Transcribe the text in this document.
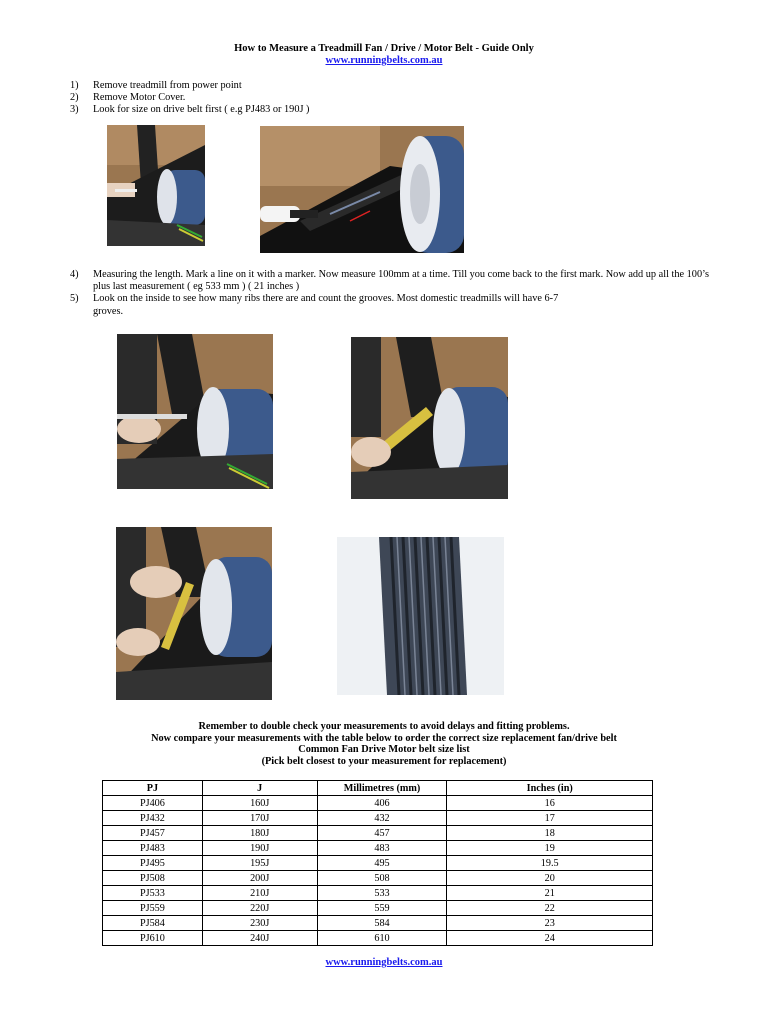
How to Measure a Treadmill Fan / Drive / Motor Belt - Guide Only
www.runningbelts.com.au
1)	Remove treadmill from power point
2)	Remove Motor Cover.
3)	Look for size on drive belt first ( e.g PJ483 or 190J )
4)	Measuring the length. Mark a line on it with a marker. Now measure 100mm at a time. Till you come back to the first mark. Now add up all the 100’s plus last measurement ( eg 533 mm ) ( 21 inches )
5)	Look on the inside to see how many ribs there are and count the grooves. Most domestic treadmills will have 6-7 groves.
Remember to double check your measurements to avoid delays and fitting problems.
Now compare your measurements with the table below to order the correct size replacement fan/drive belt
Common Fan Drive Motor belt size list
(Pick belt closest to your measurement for replacement)
PJ	J	Millimetres (mm)	Inches (in)
PJ406	160J	406	16
PJ432	170J	432	17
PJ457	180J	457	18
PJ483	190J	483	19
PJ495	195J	495	19.5
PJ508	200J	508	20
PJ533	210J	533	21
PJ559	220J	559	22
PJ584	230J	584	23
PJ610	240J	610	24
www.runningbelts.com.au
